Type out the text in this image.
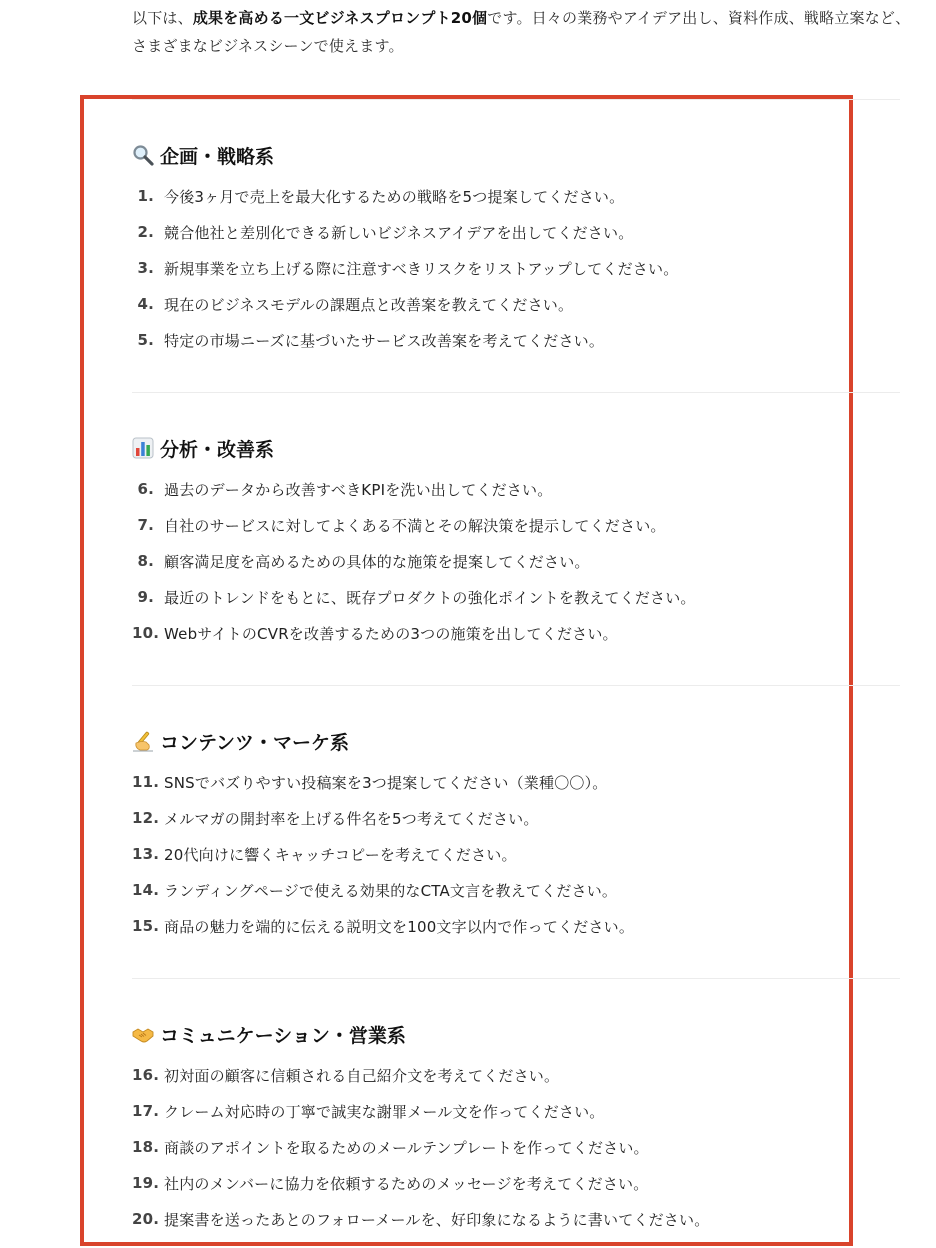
以下は、成果を高める一文ビジネスプロンプト20個です。日々の業務やアイデア出し、資料作成、戦略立案など、さまざまなビジネスシーンで使えます。

企画・戦略系
1. 今後3ヶ月で売上を最大化するための戦略を5つ提案してください。
2. 競合他社と差別化できる新しいビジネスアイデアを出してください。
3. 新規事業を立ち上げる際に注意すべきリスクをリストアップしてください。
4. 現在のビジネスモデルの課題点と改善案を教えてください。
5. 特定の市場ニーズに基づいたサービス改善案を考えてください。
分析・改善系
6. 過去のデータから改善すべきKPIを洗い出してください。
7. 自社のサービスに対してよくある不満とその解決策を提示してください。
8. 顧客満足度を高めるための具体的な施策を提案してください。
9. 最近のトレンドをもとに、既存プロダクトの強化ポイントを教えてください。
10. WebサイトのCVRを改善するための3つの施策を出してください。
コンテンツ・マーケ系
11. SNSでバズりやすい投稿案を3つ提案してください（業種〇〇）。
12. メルマガの開封率を上げる件名を5つ考えてください。
13. 20代向けに響くキャッチコピーを考えてください。
14. ランディングページで使える効果的なCTA文言を教えてください。
15. 商品の魅力を端的に伝える説明文を100文字以内で作ってください。
コミュニケーション・営業系
16. 初対面の顧客に信頼される自己紹介文を考えてください。
17. クレーム対応時の丁寧で誠実な謝罪メール文を作ってください。
18. 商談のアポイントを取るためのメールテンプレートを作ってください。
19. 社内のメンバーに協力を依頼するためのメッセージを考えてください。
20. 提案書を送ったあとのフォローメールを、好印象になるように書いてください。
